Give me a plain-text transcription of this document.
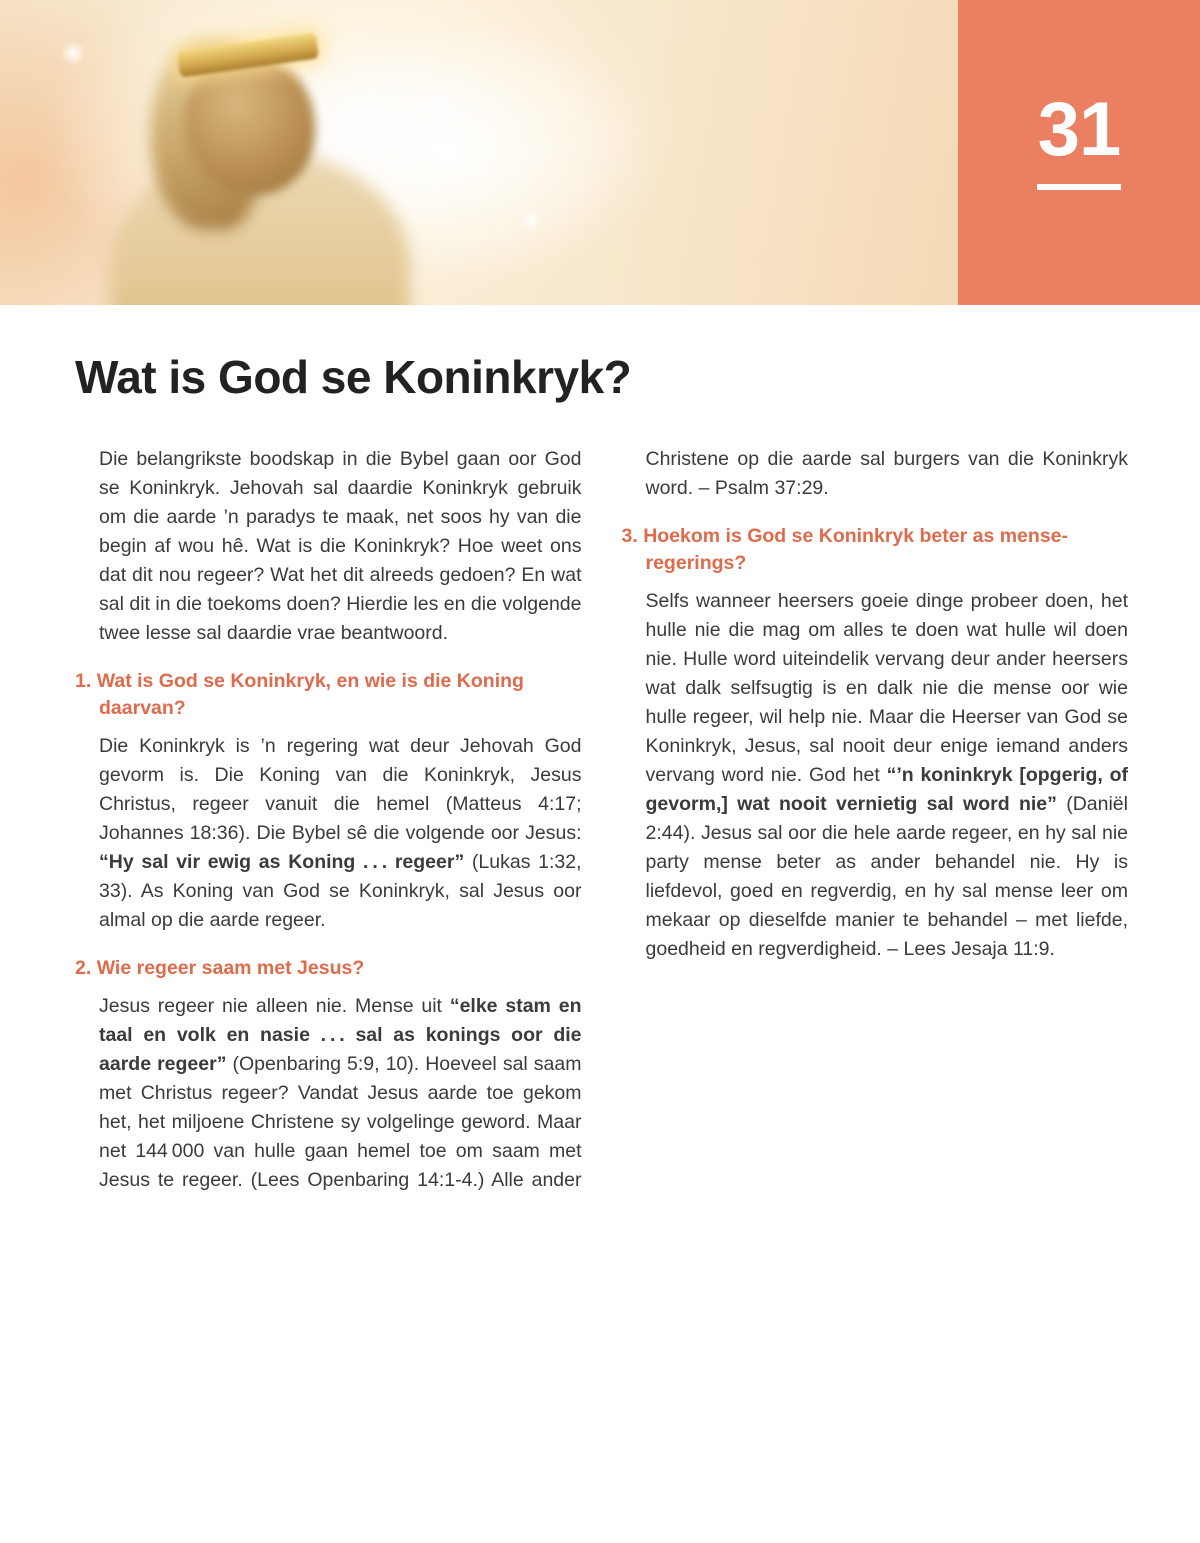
31
Wat is God se Koninkryk?

Die belangrikste boodskap in die Bybel gaan oor God se Koninkryk. Jehovah sal daardie Koninkryk gebruik om die aarde ’n paradys te maak, net soos hy van die begin af wou hê. Wat is die Koninkryk? Hoe weet ons dat dit nou regeer? Wat het dit alreeds gedoen? En wat sal dit in die toekoms doen? Hierdie les en die volgende twee lesse sal daardie vrae beantwoord.

1. Wat is God se Koninkryk, en wie is die Koning daarvan?

Die Koninkryk is ’n regering wat deur Jehovah God gevorm is. Die Koning van die Koninkryk, Jesus Christus, regeer vanuit die hemel (Matteus 4:17; Johannes 18:36). Die Bybel sê die volgende oor Jesus: “Hy sal vir ewig as Koning . . . regeer” (Lukas 1:32, 33). As Koning van God se Koninkryk, sal Jesus oor almal op die aarde regeer.

2. Wie regeer saam met Jesus?

Jesus regeer nie alleen nie. Mense uit “elke stam en taal en volk en nasie . . . sal as konings oor die aarde regeer” (Openbaring 5:9, 10). Hoeveel sal saam met Christus regeer? Vandat Jesus aarde toe gekom het, het miljoene Christene sy volgelinge geword. Maar net 144 000 van hulle gaan hemel toe om saam met Jesus te regeer. (Lees Openbaring 14:1-4.) Alle ander Christene op die aarde sal burgers van die Koninkryk word. – Psalm 37:29.

3. Hoekom is God se Koninkryk beter as menseregerings?

Selfs wanneer heersers goeie dinge probeer doen, het hulle nie die mag om alles te doen wat hulle wil doen nie. Hulle word uiteindelik vervang deur ander heersers wat dalk selfsugtig is en dalk nie die mense oor wie hulle regeer, wil help nie. Maar die Heerser van God se Koninkryk, Jesus, sal nooit deur enige iemand anders vervang word nie. God het “’n koninkryk [opgerig, of gevorm,] wat nooit vernietig sal word nie” (Daniël 2:44). Jesus sal oor die hele aarde regeer, en hy sal nie party mense beter as ander behandel nie. Hy is liefdevol, goed en regverdig, en hy sal mense leer om mekaar op dieselfde manier te behandel – met liefde, goedheid en regverdigheid. – Lees Jesaja 11:9.
